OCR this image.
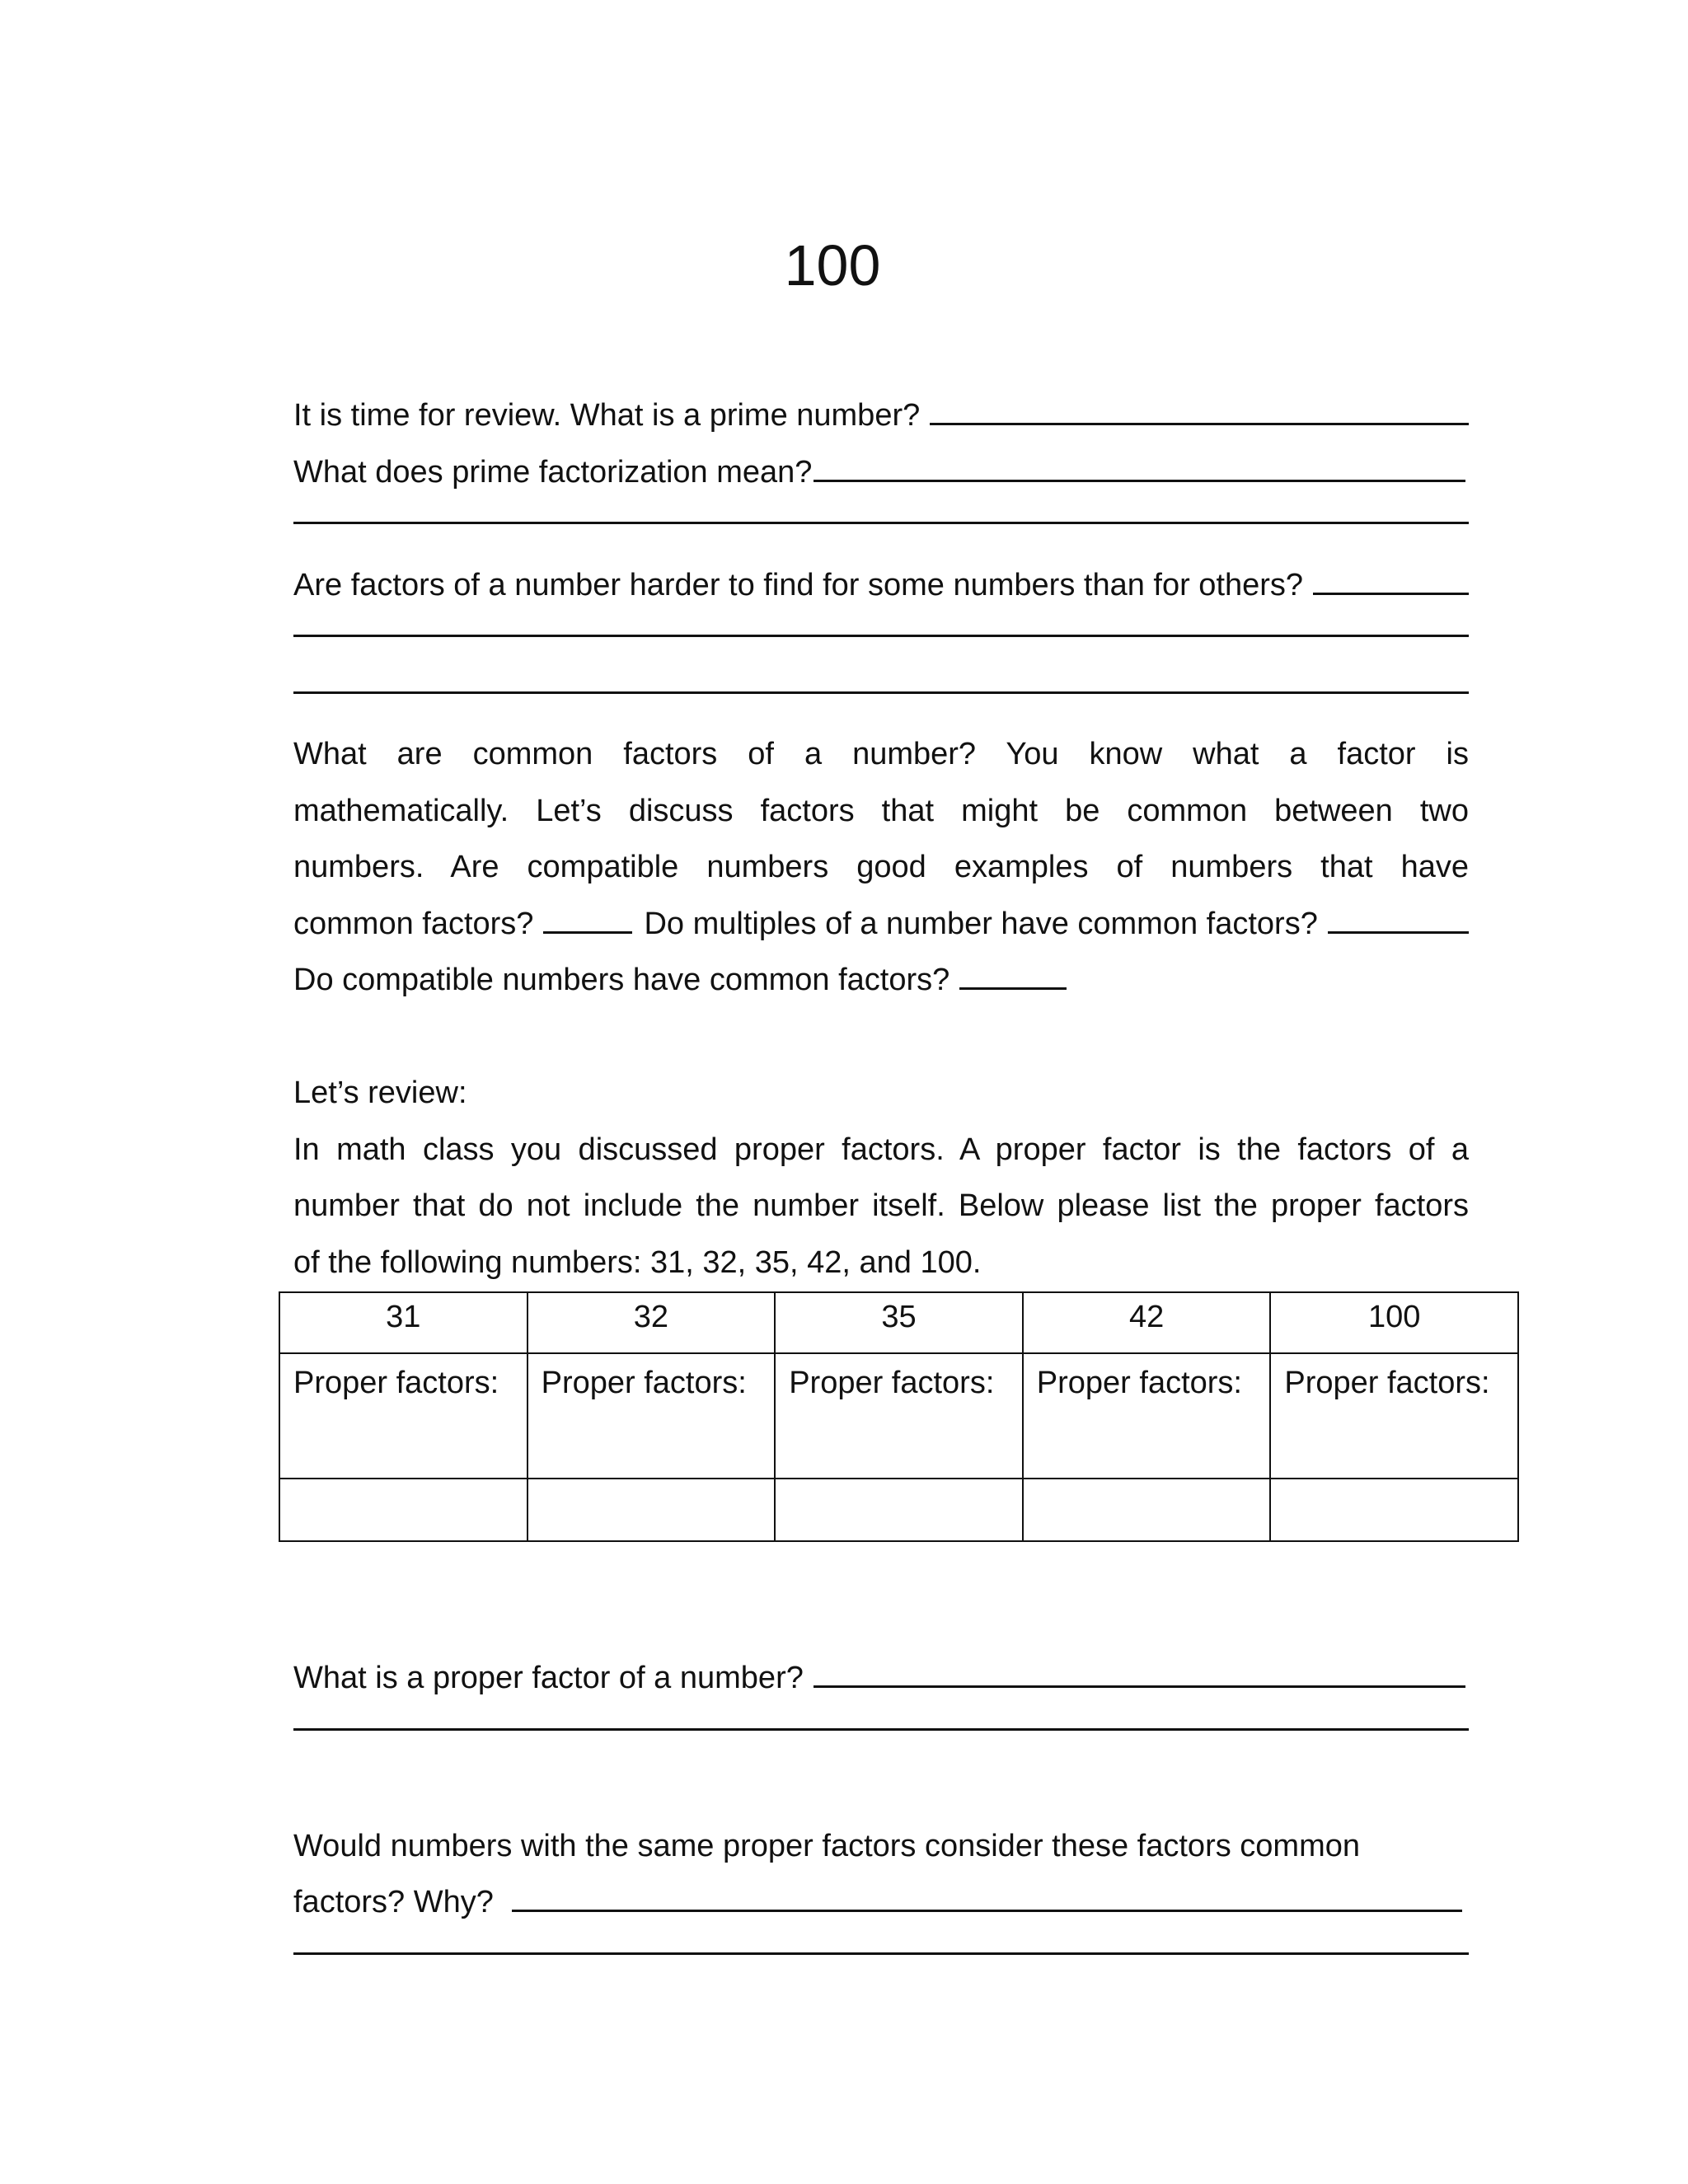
100
It is time for review. What is a prime number?
What does prime factorization mean?
Are factors of a number harder to find for some numbers than for others?
What are common factors of a number? You know what a factor is
mathematically. Let’s discuss factors that might be common between two
numbers. Are compatible numbers good examples of numbers that have
common factors?	Do multiples of a number have common factors?
Do compatible numbers have common factors?
Let’s review:
In math class you discussed proper factors. A proper factor is the factors of a
number that do not include the number itself. Below please list the proper factors
of the following numbers: 31, 32, 35, 42, and 100.
31	32	35	42	100
Proper factors:	Proper factors:	Proper factors:	Proper factors:	Proper factors:

What is a proper factor of a number?
Would numbers with the same proper factors consider these factors common
factors? Why?
